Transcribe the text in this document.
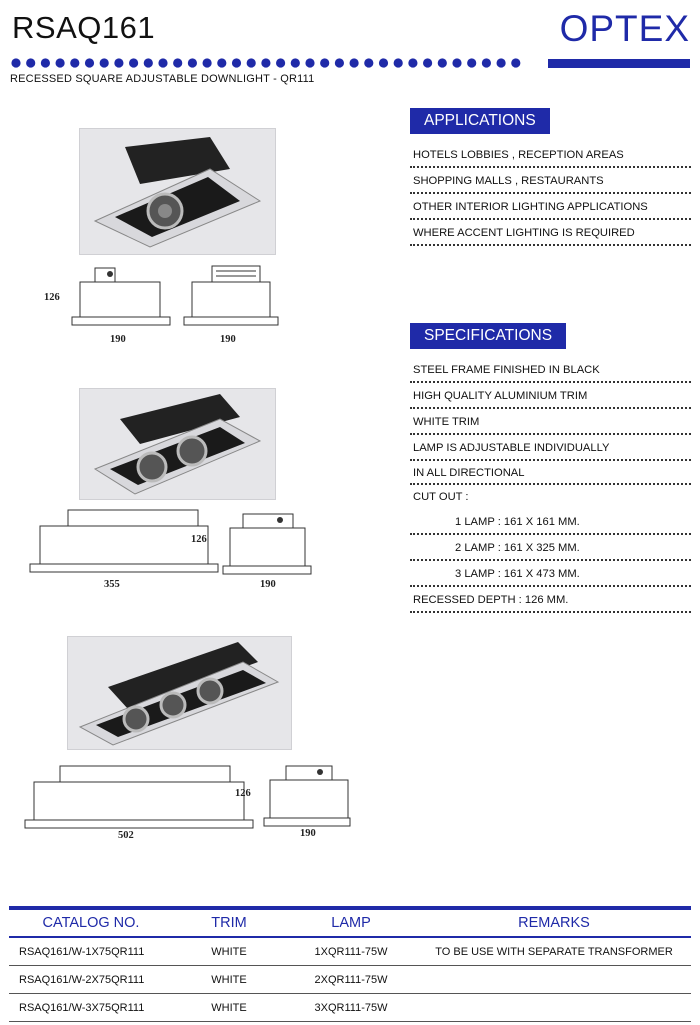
RSAQ161	OPTEX
RECESSED SQUARE ADJUSTABLE DOWNLIGHT - QR111
126
190	190
126
355	190
126
502	190
APPLICATIONS
HOTELS LOBBIES , RECEPTION AREAS
SHOPPING MALLS , RESTAURANTS
OTHER INTERIOR LIGHTING APPLICATIONS
WHERE ACCENT LIGHTING IS REQUIRED
SPECIFICATIONS
STEEL FRAME FINISHED IN BLACK
HIGH QUALITY ALUMINIUM TRIM
WHITE TRIM
LAMP IS ADJUSTABLE INDIVIDUALLY
IN ALL DIRECTIONAL
CUT OUT :
1 LAMP : 161 X 161 MM.
2 LAMP : 161 X 325 MM.
3 LAMP : 161 X 473 MM.
RECESSED DEPTH : 126 MM.
CATALOG NO.	TRIM	LAMP	REMARKS
RSAQ161/W-1X75QR111	WHITE	1XQR111-75W	TO BE USE WITH SEPARATE TRANSFORMER
RSAQ161/W-2X75QR111	WHITE	2XQR111-75W	
RSAQ161/W-3X75QR111	WHITE	3XQR111-75W	
